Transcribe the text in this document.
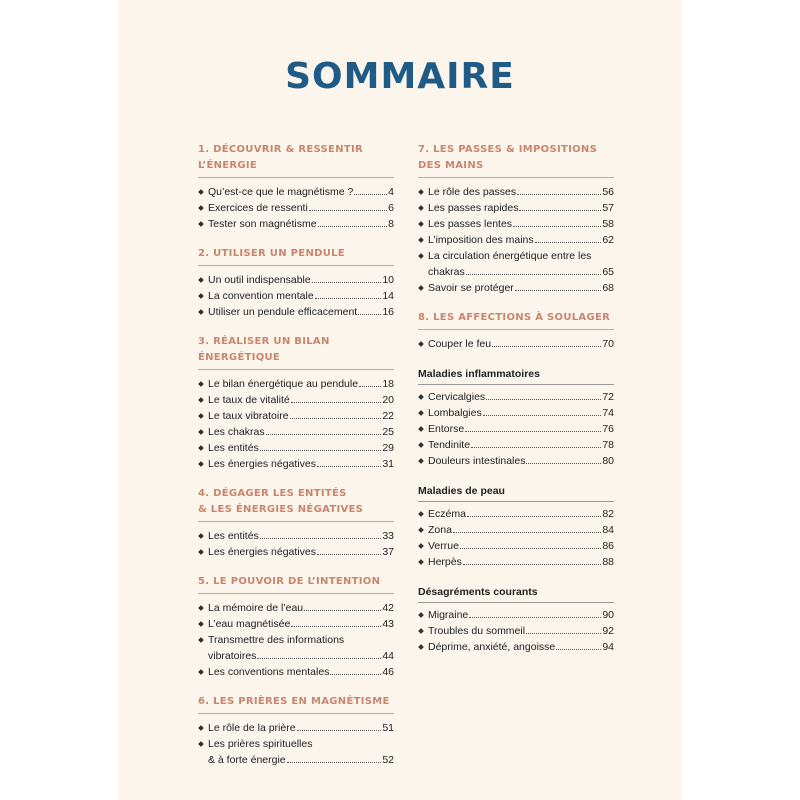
SOMMAIRE
1. DÉCOUVRIR & RESSENTIR L’ÉNERGIE
Qu’est-ce que le magnétisme ?	4
Exercices de ressenti	6
Tester son magnétisme	8
2. UTILISER UN PENDULE
Un outil indispensable	10
La convention mentale	14
Utiliser un pendule efficacement 16
3. RÉALISER UN BILAN ÉNERGÉTIQUE
Le bilan énergétique au pendule 18
Le taux de vitalité	20
Le taux vibratoire	22
Les chakras	25
Les entités	29
Les énergies négatives	31
4. DÉGAGER LES ENTITÉS
& LES ÉNERGIES NÉGATIVES
Les entités	33
Les énergies négatives	37
5. LE POUVOIR DE L’INTENTION
La mémoire de l’eau	42
L’eau magnétisée	43
Transmettre des informations
vibratoires	44
Les conventions mentales	46
6. LES PRIÈRES EN MAGNÉTISME
Le rôle de la prière	51
Les prières spirituelles
& à forte énergie	52
7. LES PASSES & IMPOSITIONS
DES MAINS
Le rôle des passes	56
Les passes rapides	57
Les passes lentes	58
L’imposition des mains	62
La circulation énergétique entre les
chakras	65
Savoir se protéger	68
8. LES AFFECTIONS À SOULAGER
Couper le feu	70
Maladies inflammatoires
Cervicalgies	72
Lombalgies	74
Entorse	76
Tendinite	78
Douleurs intestinales	80
Maladies de peau
Eczéma	82
Zona	84
Verrue	86
Herpès	88
Désagréments courants
Migraine	90
Troubles du sommeil	92
Déprime, anxiété, angoisse	94
